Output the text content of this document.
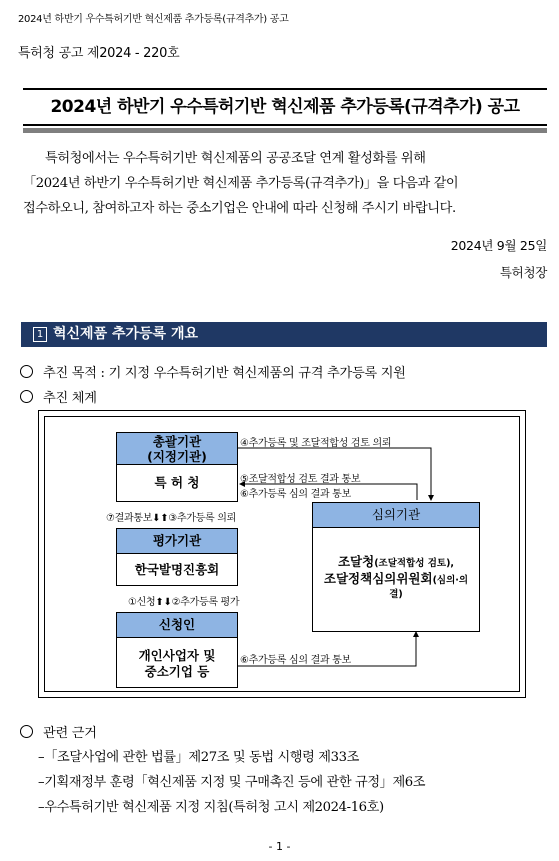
2024년 하반기 우수특허기반 혁신제품 추가등록(규격추가) 공고
특허청 공고 제2024 - 220호
2024년 하반기 우수특허기반 혁신제품 추가등록(규격추가) 공고
특허청에서는 우수특허기반 혁신제품의 공공조달 연계 활성화를 위해
「2024년 하반기 우수특허기반 혁신제품 추가등록(규격추가)」을 다음과 같이
접수하오니, 참여하고자 하는 중소기업은 안내에 따라 신청해 주시기 바랍니다.
2024년 9월 25일
특허청장
1 혁신제품 추가등록 개요
추진 목적 : 기 지정 우수특허기반 혁신제품의 규격 추가등록 지원
추진 체계
총괄기관
(지정기관)
특 허 청
평가기관
한국발명진흥회
신청인
개인사업자 및
중소기업 등
심의기관
조달청(조달적합성 검토),
조달정책심의위원회(심의·의
결)
④추가등록 및 조달적합성 검토 의뢰
⑤조달적합성 검토 결과 통보
⑥추가등록 심의 결과 통보
⑦결과통보⬇⬆③추가등록 의뢰
①신청⬆⬇②추가등록 평가
⑥추가등록 심의 결과 통보
관련 근거
–「조달사업에 관한 법률」제27조 및 동법 시행령 제33조
–기획재정부 훈령「혁신제품 지정 및 구매촉진 등에 관한 규정」제6조
–우수특허기반 혁신제품 지정 지침(특허청 고시 제2024-16호)
- 1 -
